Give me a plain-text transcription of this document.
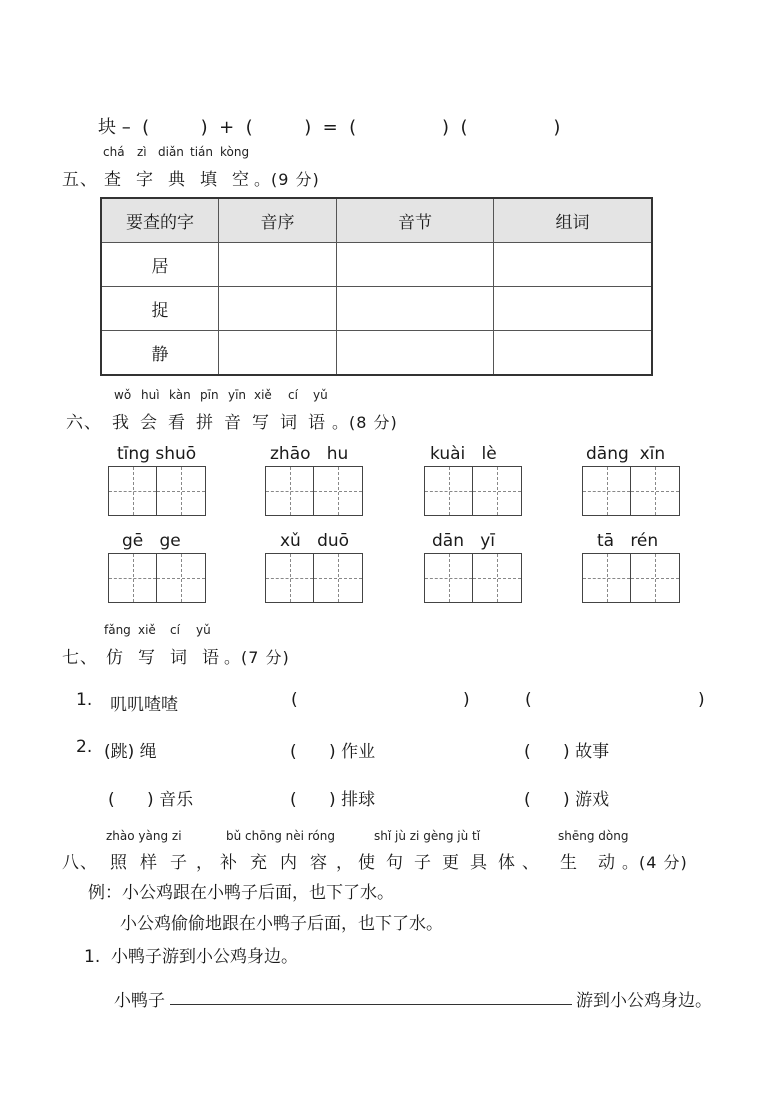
块 –  (         )  +  (         )  =  (               )  (               )
chá zì diǎn tián kòng
五、 查 字 典 填 空 。(9 分)
要查的字	音序	音节	组词
居			
捉			
静			
wǒ huì kàn pīn yīn xiě cí yǔ
六、 我 会 看 拼 音 写 词 语 。(8 分)
tīng shuō	zhāo hu	kuài lè	dāng xīn
gē ge	xǔ duō	dān yī	tā rén
fǎng xiě cí yǔ
七、 仿 写 词 语 。(7 分)
1. 叽叽喳喳	(	)	(	)
2. (跳) 绳	(      ) 作业	(      ) 故事
(      ) 音乐	(      ) 排球	(      ) 游戏
zhào yàng zi	bǔ chōng nèi róng	shǐ jù zi gèng jù tǐ	shēng dòng
八、 照 样 子 ， 补 充 内 容 ， 使 句 子 更 具 体 、 生 动 。(4 分)
例：小公鸡跟在小鸭子后面，也下了水。
小公鸡偷偷地跟在小鸭子后面，也下了水。
1.  小鸭子游到小公鸡身边。
小鸭子	游到小公鸡身边。
